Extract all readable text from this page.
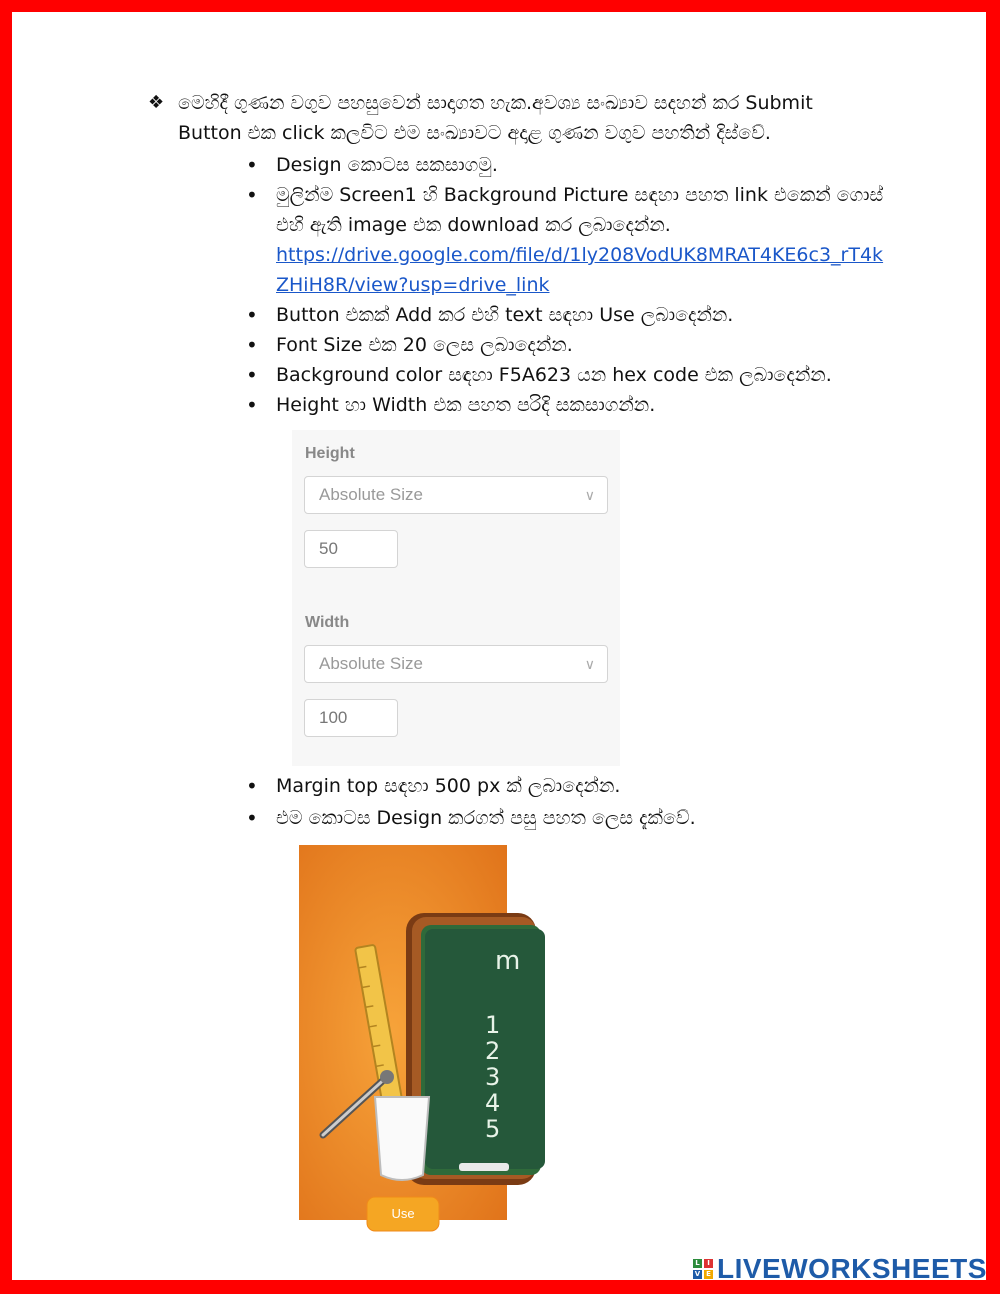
❖ මෙහිදී ගුණන වගුව පහසුවෙන් සාදාගත හැක.අවශ්‍ය සංඛ්‍යාව සදහන් කර Submit

Button එක click කලවිට එම සංඛ්‍යාවට අදාළ ගුණන වගුව පහතින් දිස්වේ.

• Design කොටස සකසාගමු.
• මුලින්ම Screen1 හි Background Picture සඳහා පහත link එකෙන් ගොස් එහි ඇති image එක download කර ලබාදෙන්න.
https://drive.google.com/file/d/1ly208VodUK8MRAT4KE6c3_rT4kZHiH8R/view?usp=drive_link
• Button එකක් Add කර එහි text සඳහා Use ලබාදෙන්න.
• Font Size එක 20 ලෙස ලබාදෙන්න.
• Background color සඳහා F5A623 යන hex code එක ලබාදෙන්න.
• Height හා Width එක පහත පරිදි සකසාගන්න.
Height
Absolute Size	∨
50
Width
Absolute Size	∨
100
• Margin top සඳහා 500 px ක් ලබාදෙන්න.
• එම කොටස Design කරගත් පසු පහත ලෙස දැක්වේ.
m
1
2
3
4
5
Use
L	I
V E LIVEWORKSHEETS
